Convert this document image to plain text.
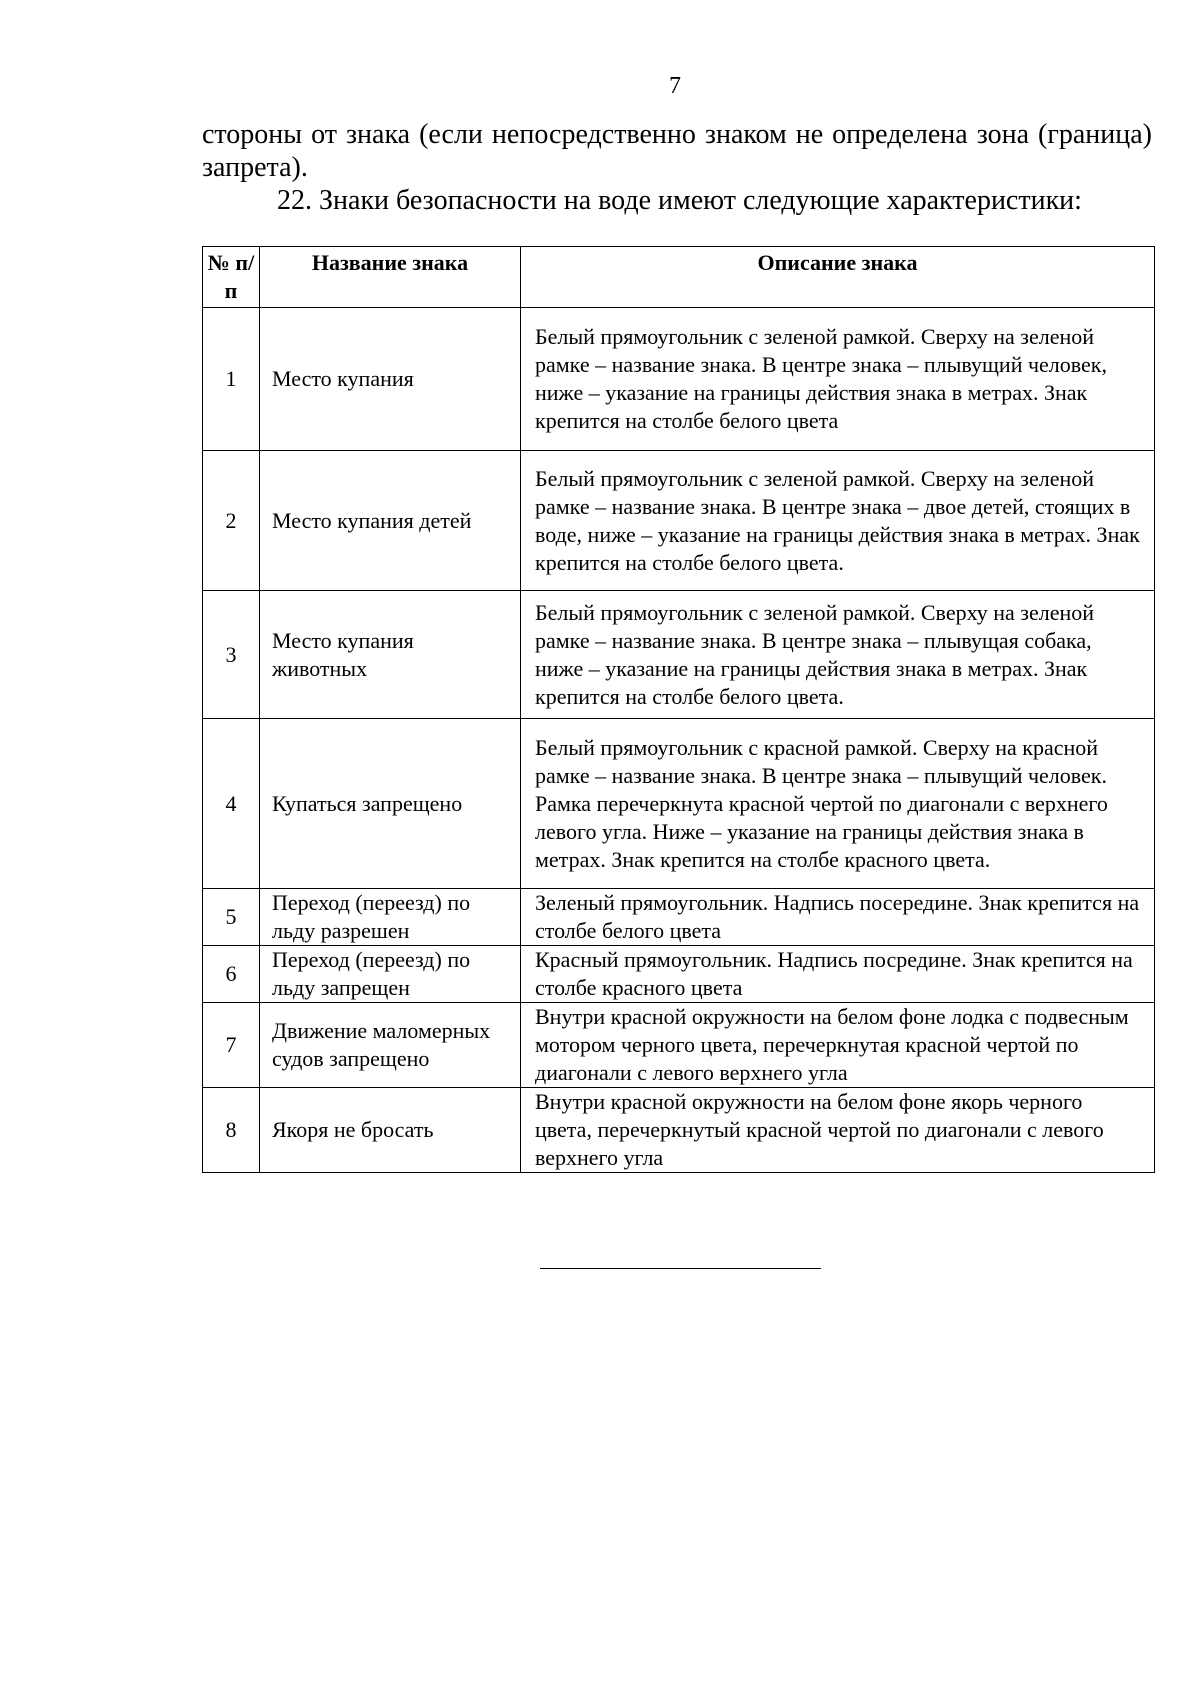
7

стороны от знака (если непосредственно знаком не определена зона (граница) запрета).

22. Знаки безопасности на воде имеют следующие характеристики:

№ п/п	Название знака	Описание знака
1	Место купания	Белый прямоугольник с зеленой рамкой. Сверху на зеленой рамке – название знака. В центре знака – плывущий человек, ниже – указание на границы действия знака в метрах. Знак крепится на столбе белого цвета
2	Место купания детей	Белый прямоугольник с зеленой рамкой. Сверху на зеленой рамке – название знака. В центре знака – двое детей, стоящих в воде, ниже – указание на границы действия знака в метрах. Знак крепится на столбе белого цвета.
3	Место купания животных	Белый прямоугольник с зеленой рамкой. Сверху на зеленой рамке – название знака. В центре знака – плывущая собака, ниже – указание на границы действия знака в метрах. Знак крепится на столбе белого цвета.
4	Купаться запрещено	Белый прямоугольник с красной рамкой. Сверху на красной рамке – название знака. В центре знака – плывущий человек. Рамка перечеркнута красной чертой по диагонали с верхнего левого угла. Ниже – указание на границы действия знака в метрах. Знак крепится на столбе красного цвета.
5	Переход (переезд) по льду разрешен	Зеленый прямоугольник. Надпись посередине. Знак крепится на столбе белого цвета
6	Переход (переезд) по льду запрещен	Красный прямоугольник. Надпись посредине. Знак крепится на столбе красного цвета
7	Движение маломерных судов запрещено	Внутри красной окружности на белом фоне лодка с подвесным мотором черного цвета, перечеркнутая красной чертой по диагонали с левого верхнего угла
8	Якоря не бросать	Внутри красной окружности на белом фоне якорь черного цвета, перечеркнутый красной чертой по диагонали с левого верхнего угла
